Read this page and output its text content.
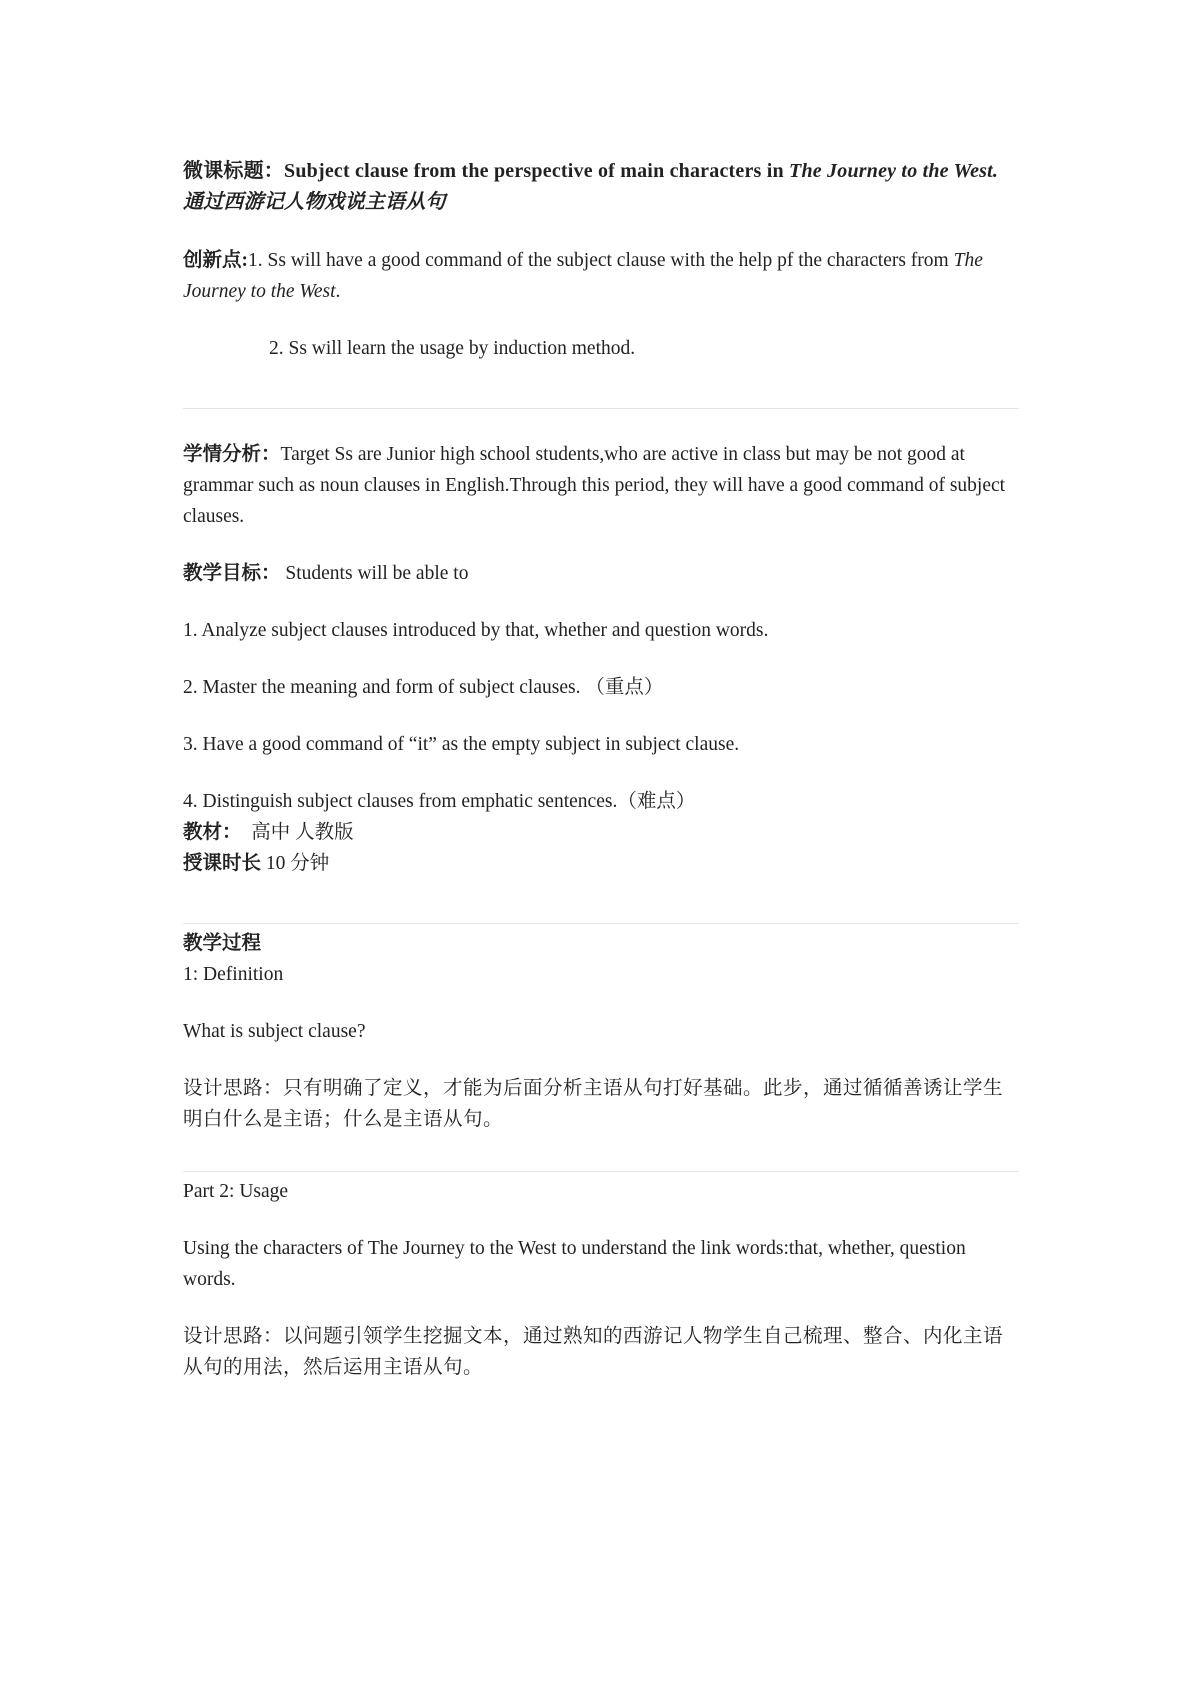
微课标题：Subject clause from the perspective of main characters in The Journey to the West. 通过西游记人物戏说主语从句

创新点:1. Ss will have a good command of the subject clause with the help pf the characters from The Journey to the West.

2. Ss will learn the usage by induction method.

学情分析：Target Ss are Junior high school students,who are active in class but may be not good at grammar such as noun clauses in English.Through this period, they will have a good command of subject clauses.

教学目标： Students will be able to

1. Analyze subject clauses introduced by that, whether and question words.

2. Master the meaning and form of subject clauses. （重点）

3. Have a good command of “it” as the empty subject in subject clause.

4. Distinguish subject clauses from emphatic sentences.（难点）

教材：  高中 人教版

授课时长 10 分钟

教学过程

1: Definition

What is subject clause?

设计思路：只有明确了定义，才能为后面分析主语从句打好基础。此步，通过循循善诱让学生明白什么是主语；什么是主语从句。

Part 2: Usage

Using the characters of The Journey to the West to understand the link words:that, whether, question words.

设计思路：以问题引领学生挖掘文本，通过熟知的西游记人物学生自己梳理、整合、内化主语从句的用法，然后运用主语从句。
